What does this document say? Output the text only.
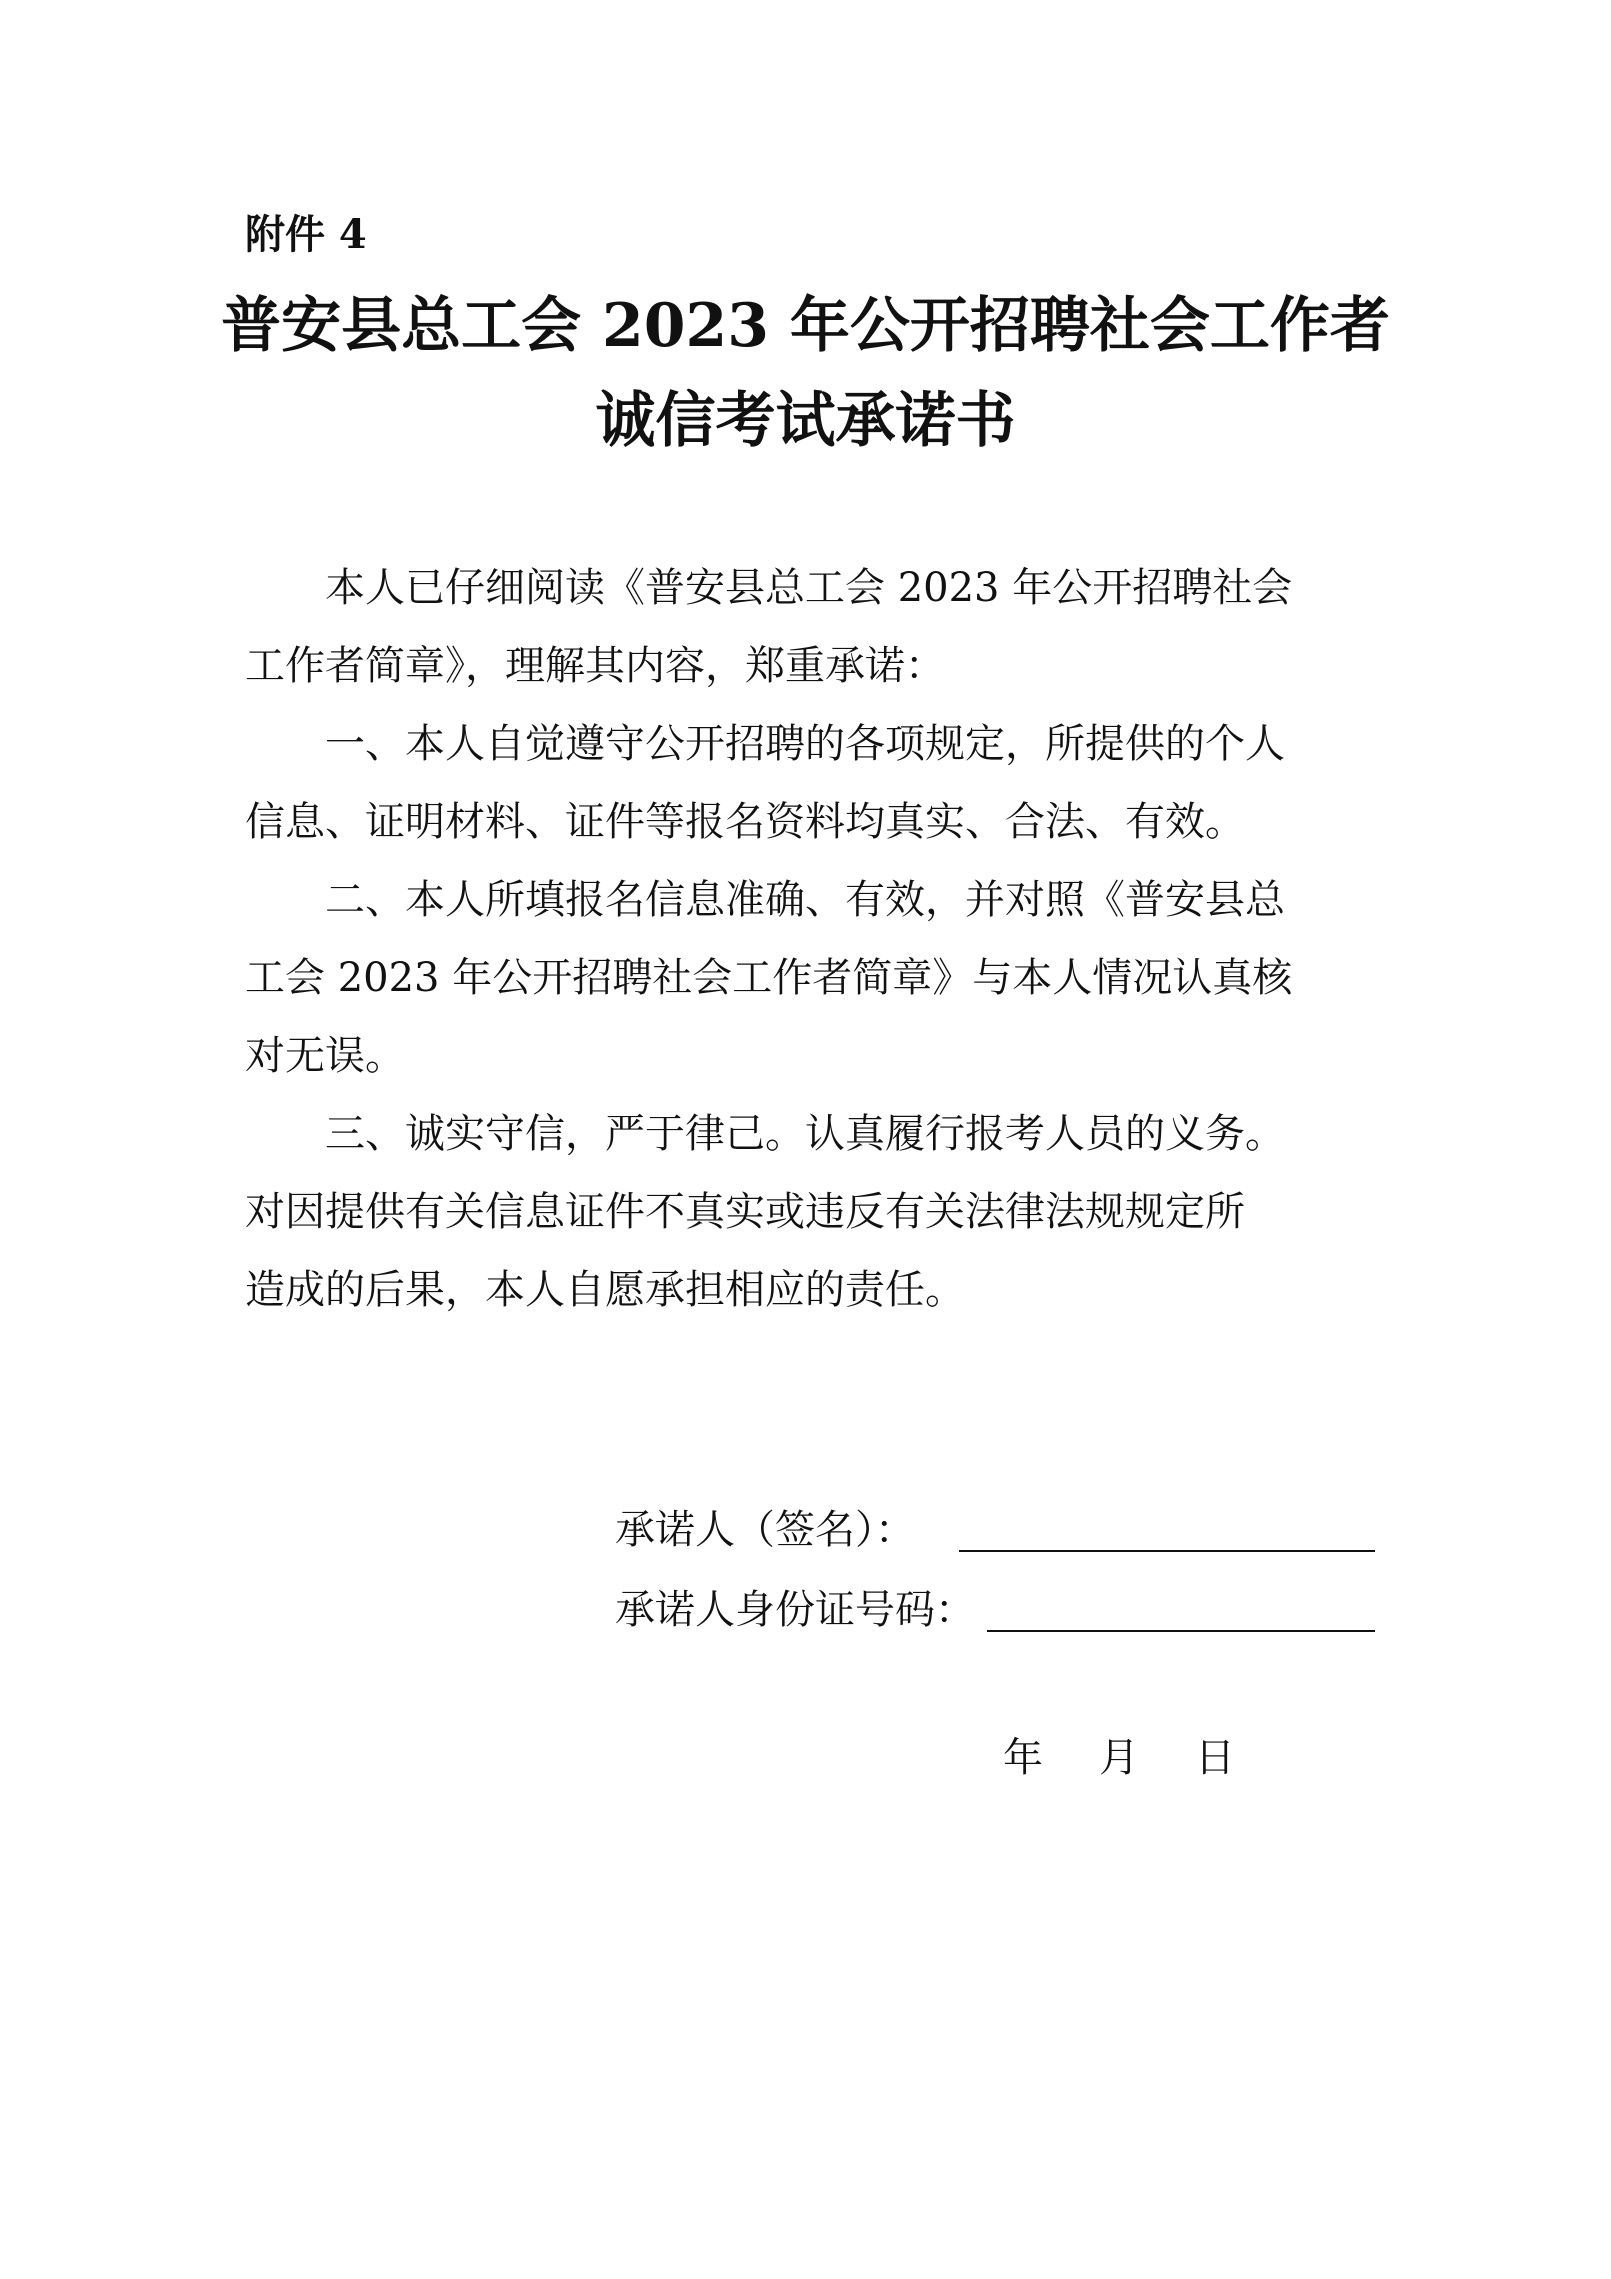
附件 4
普安县总工会 2023 年公开招聘社会工作者
诚信考试承诺书
　　本人已仔细阅读《普安县总工会 2023 年公开招聘社会
工作者简章》，理解其内容，郑重承诺：
　　一、本人自觉遵守公开招聘的各项规定，所提供的个人
信息、证明材料、证件等报名资料均真实、合法、有效。
　　二、本人所填报名信息准确、有效，并对照《普安县总
工会 2023 年公开招聘社会工作者简章》与本人情况认真核
对无误。
　　三、诚实守信，严于律己。认真履行报考人员的义务。
对因提供有关信息证件不真实或违反有关法律法规规定所
造成的后果，本人自愿承担相应的责任。
承诺人（签名）：
承诺人身份证号码：
年 月 日
